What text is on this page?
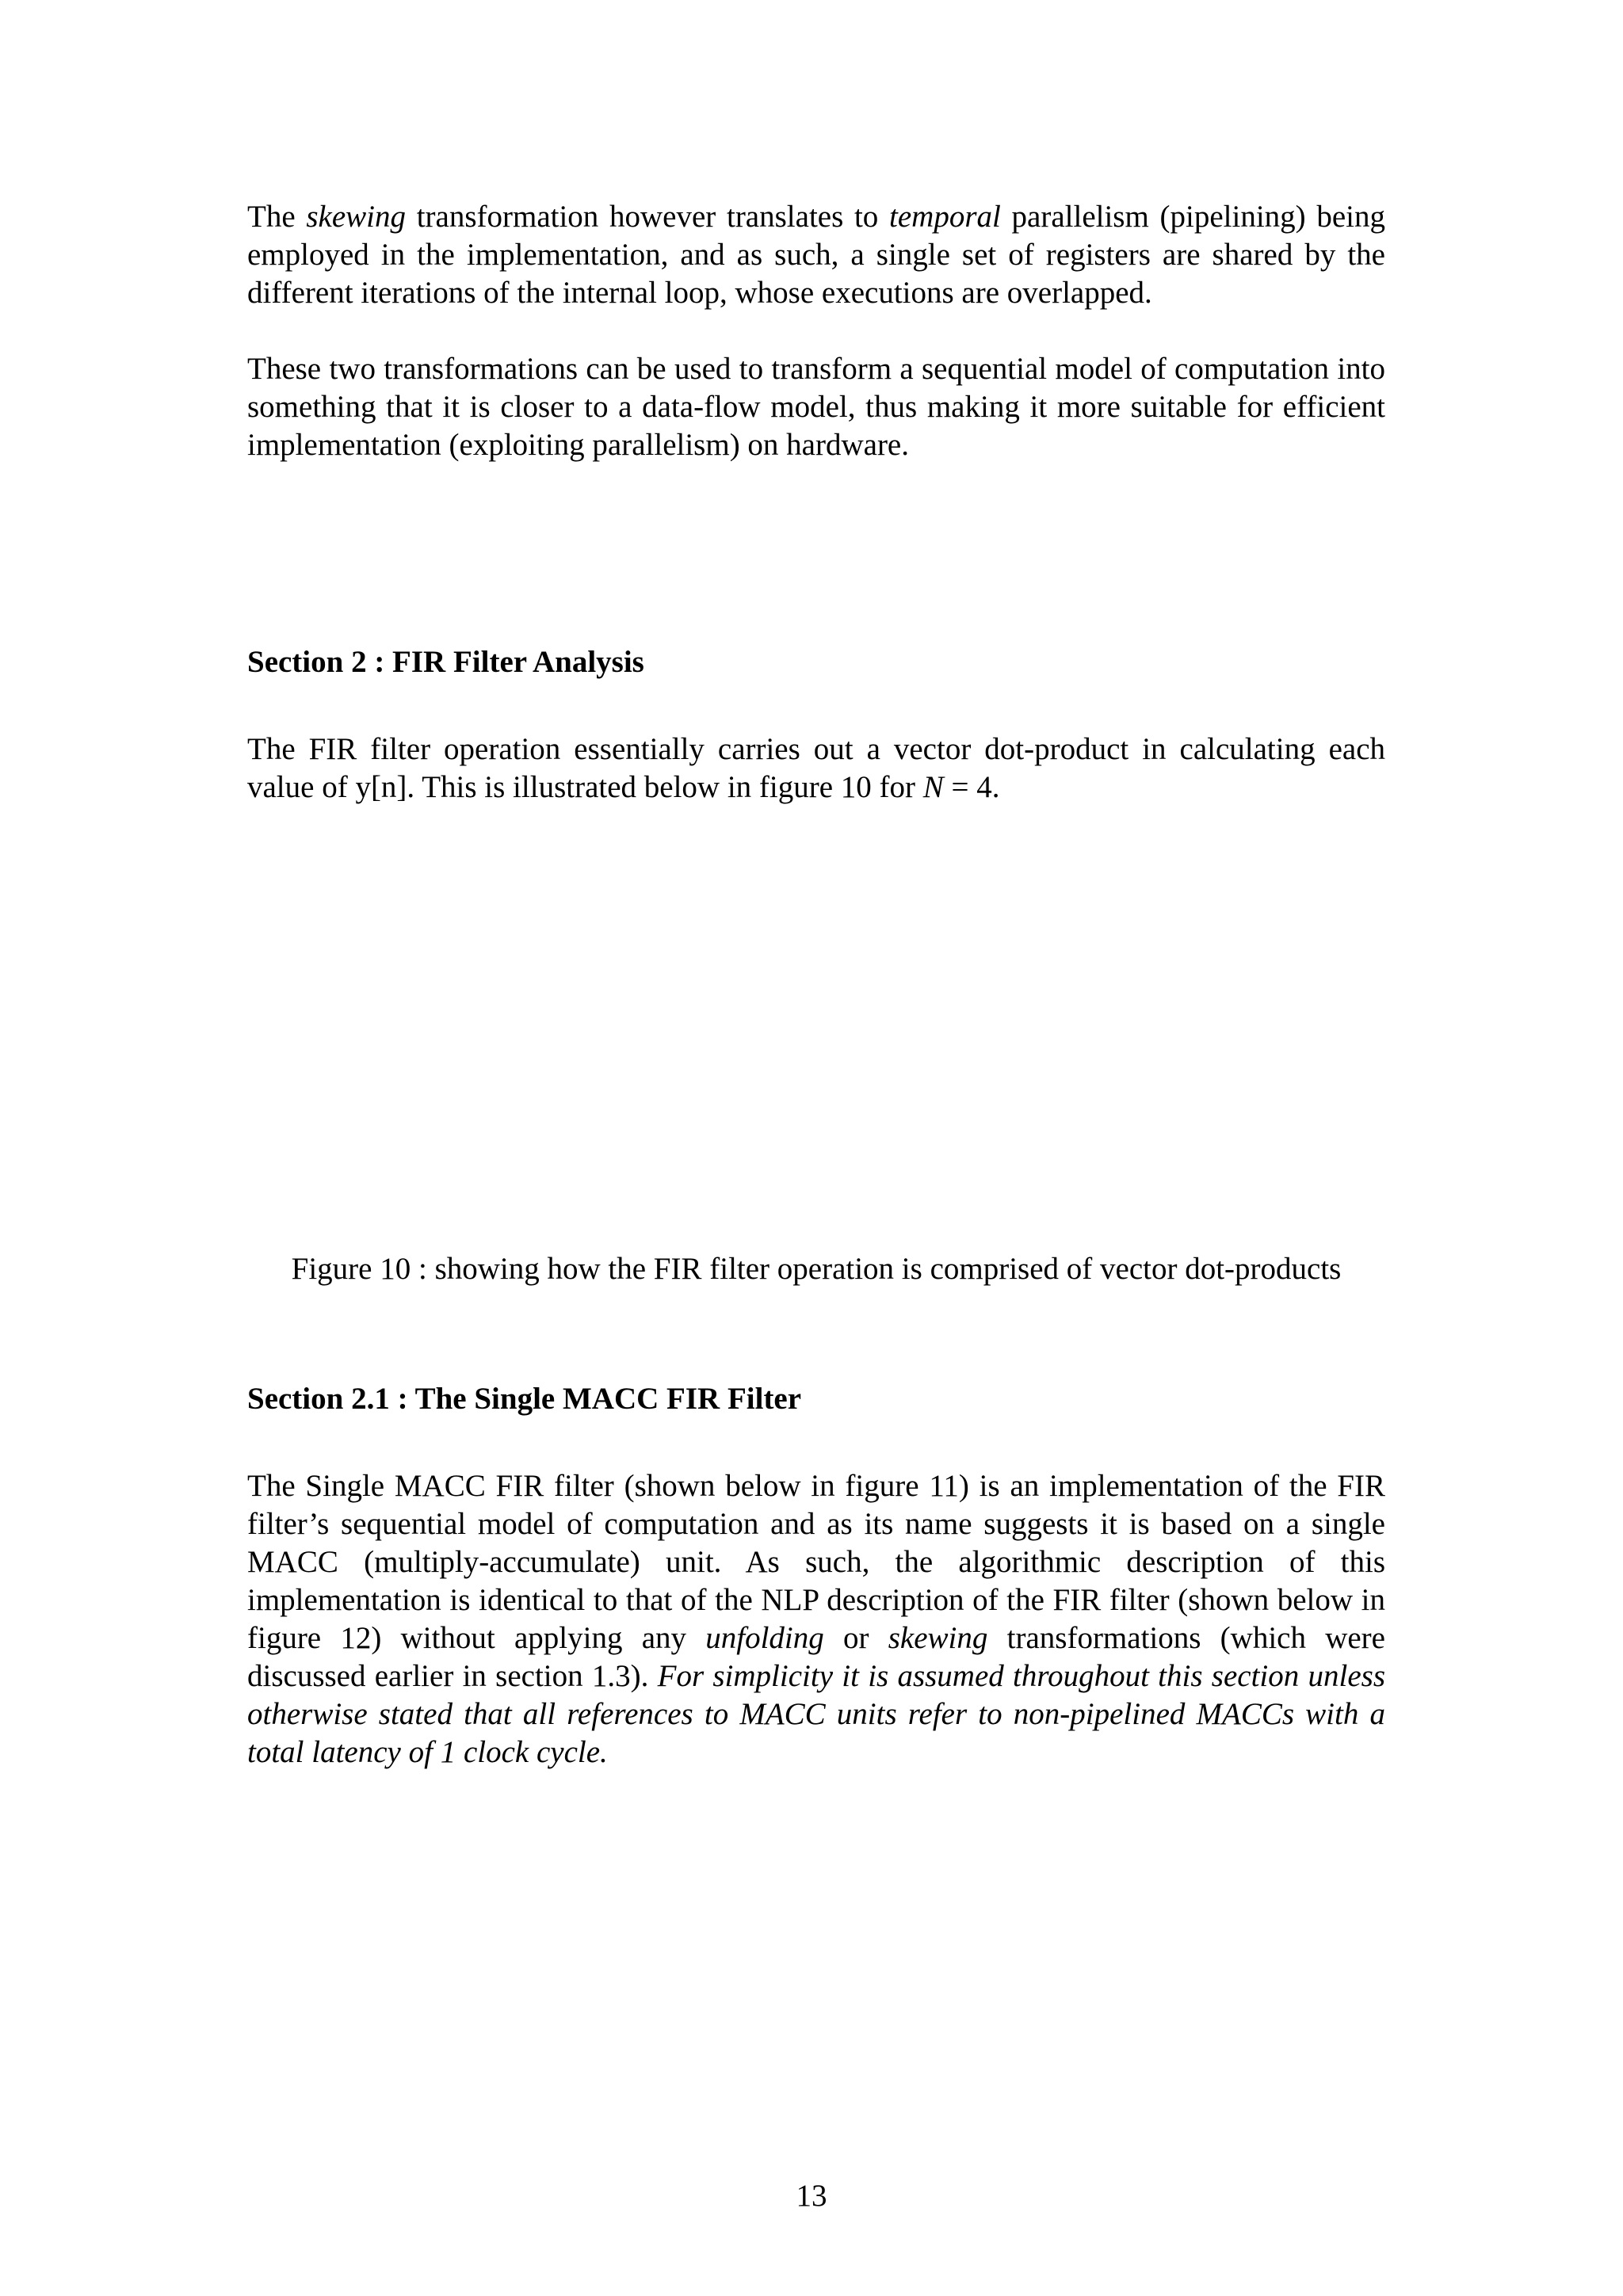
The skewing transformation however translates to temporal parallelism (pipelining) being employed in the implementation, and as such, a single set of registers are shared by the different iterations of the internal loop, whose executions are overlapped.

These two transformations can be used to transform a sequential model of computation into something that it is closer to a data-flow model, thus making it more suitable for efficient implementation (exploiting parallelism) on hardware.

Section 2 : FIR Filter Analysis

The FIR filter operation essentially carries out a vector dot-product in calculating each value of y[n]. This is illustrated below in figure 10 for N = 4.

Figure 10 : showing how the FIR filter operation is comprised of vector dot-products

Section 2.1 : The Single MACC FIR Filter

The Single MACC FIR filter (shown below in figure 11) is an implementation of the FIR filter’s sequential model of computation and as its name suggests it is based on a single MACC (multiply-accumulate) unit. As such, the algorithmic description of this implementation is identical to that of the NLP description of the FIR filter (shown below in figure 12) without applying any unfolding or skewing transformations (which were discussed earlier in section 1.3). For simplicity it is assumed throughout this section unless otherwise stated that all references to MACC units refer to non-pipelined MACCs with a total latency of 1 clock cycle.

13
